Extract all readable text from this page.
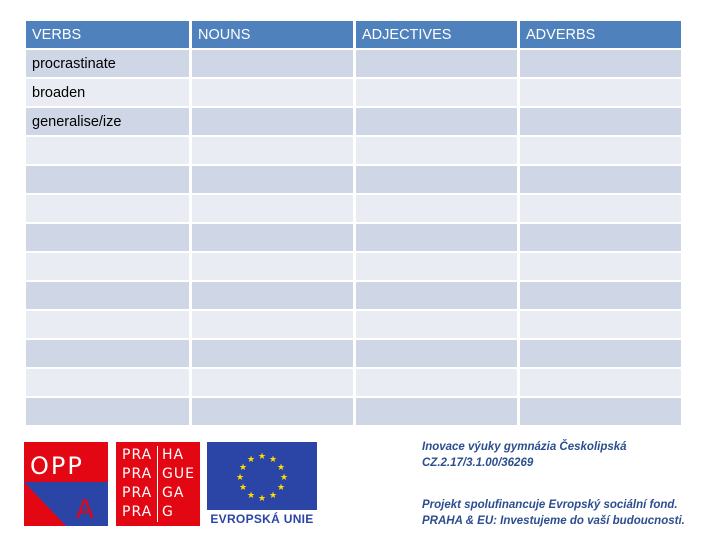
VERBS	NOUNS	ADJECTIVES	ADVERBS
procrastinate			
broaden			
generalise/ize			

OPP
A
PRA
PRA
PRA
PRA
HA
GUE
GA
G
★ ★
★
★
★
★
★
★
★
★
★
★
EVROPSKÁ UNIE
Inovace výuky gymnázia Českolipská
CZ.2.17/3.1.00/36269
Projekt spolufinancuje Evropský sociální fond.
PRAHA & EU: Investujeme do vaší budoucnosti.
